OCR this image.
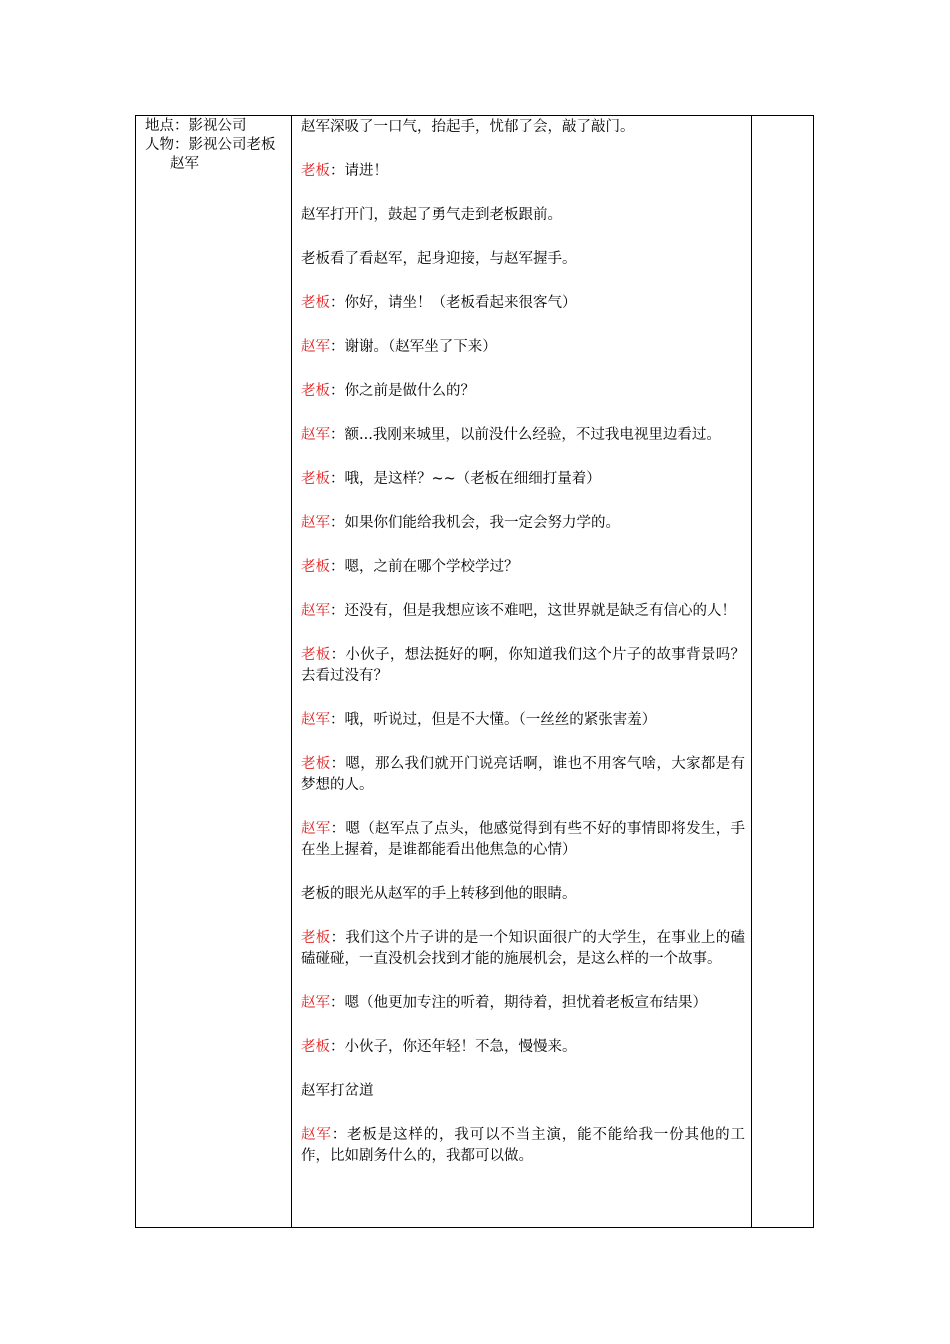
地点：影视公司
人物：影视公司老板
赵军

赵军深吸了一口气，抬起手，忧郁了会，敲了敲门。

老板：请进！

赵军打开门，鼓起了勇气走到老板跟前。

老板看了看赵军，起身迎接，与赵军握手。

老板：你好，请坐！（老板看起来很客气）

赵军：谢谢。（赵军坐了下来）

老板：你之前是做什么的？

赵军：额...我刚来城里，以前没什么经验，不过我电视里边看过。

老板：哦，是这样？~~（老板在细细打量着）

赵军：如果你们能给我机会，我一定会努力学的。

老板：嗯，之前在哪个学校学过？

赵军：还没有，但是我想应该不难吧，这世界就是缺乏有信心的人！

老板：小伙子，想法挺好的啊，你知道我们这个片子的故事背景吗？去看过没有？

赵军：哦，听说过，但是不大懂。（一丝丝的紧张害羞）

老板：嗯，那么我们就开门说亮话啊，谁也不用客气啥，大家都是有梦想的人。

赵军：嗯（赵军点了点头，他感觉得到有些不好的事情即将发生，手在坐上握着，是谁都能看出他焦急的心情）

老板的眼光从赵军的手上转移到他的眼睛。

老板：我们这个片子讲的是一个知识面很广的大学生，在事业上的磕磕碰碰，一直没机会找到才能的施展机会，是这么样的一个故事。

赵军：嗯（他更加专注的听着，期待着，担忧着老板宣布结果）

老板：小伙子，你还年轻！不急，慢慢来。

赵军打岔道

赵军：老板是这样的，我可以不当主演，能不能给我一份其他的工作，比如剧务什么的，我都可以做。
